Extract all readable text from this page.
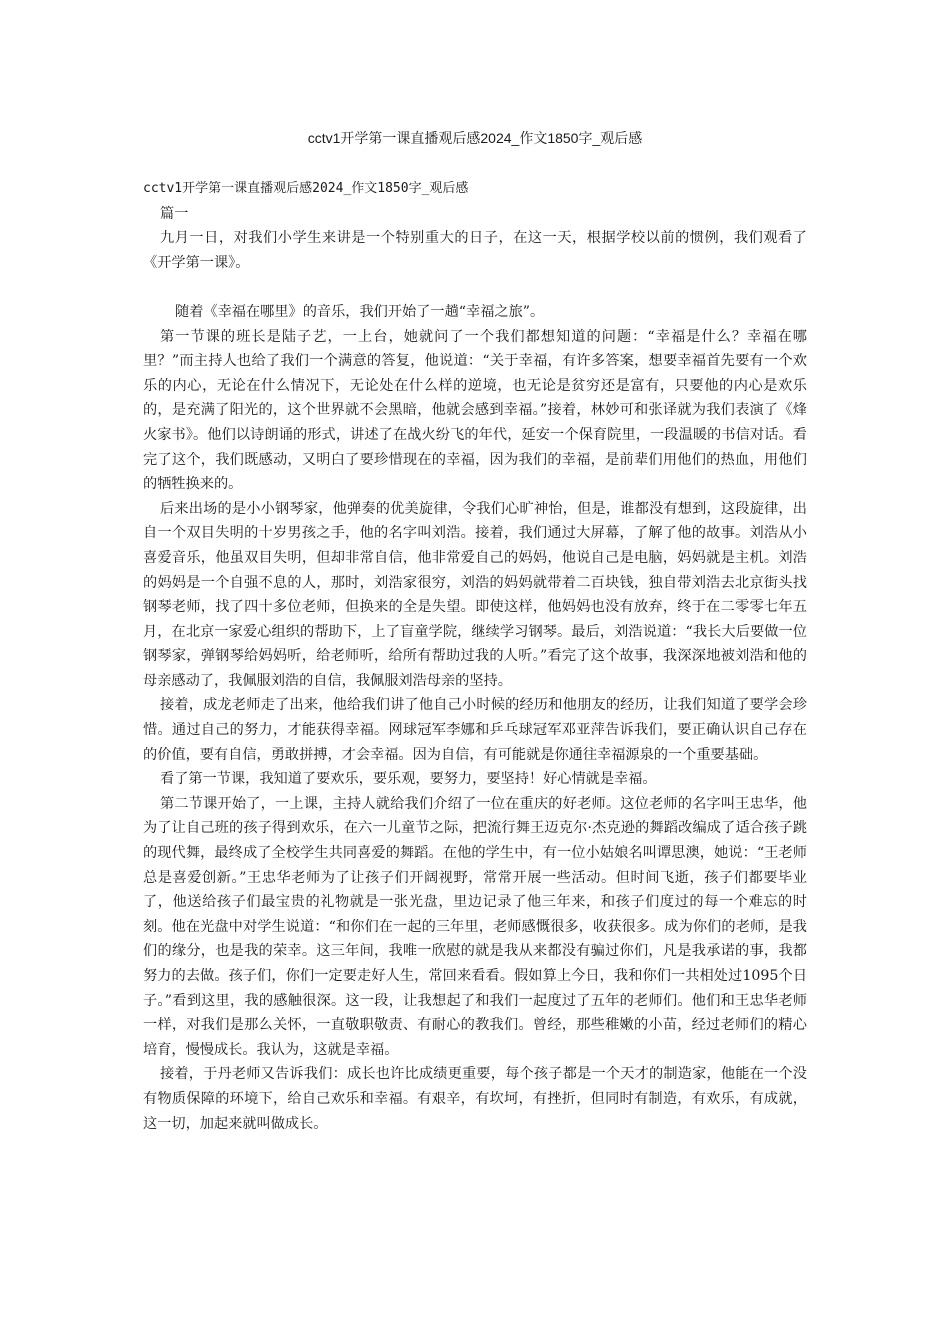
cctv1开学第一课直播观后感2024_作文1850字_观后感

cctv1开学第一课直播观后感2024_作文1850字_观后感

篇一

九月一日，对我们小学生来讲是一个特别重大的日子，在这一天，根据学校以前的惯例，我们观看了《开学第一课》。

随着《幸福在哪里》的音乐，我们开始了一趟“幸福之旅”。

第一节课的班长是陆子艺，一上台，她就问了一个我们都想知道的问题：“幸福是什么？幸福在哪里？”而主持人也给了我们一个满意的答复，他说道：“关于幸福，有许多答案，想要幸福首先要有一个欢乐的内心，无论在什么情况下，无论处在什么样的逆境，也无论是贫穷还是富有，只要他的内心是欢乐的，是充满了阳光的，这个世界就不会黑暗，他就会感到幸福。”接着，林妙可和张译就为我们表演了《烽火家书》。他们以诗朗诵的形式，讲述了在战火纷飞的年代，延安一个保育院里，一段温暖的书信对话。看完了这个，我们既感动，又明白了要珍惜现在的幸福，因为我们的幸福，是前辈们用他们的热血，用他们的牺牲换来的。

后来出场的是小小钢琴家，他弹奏的优美旋律，令我们心旷神怡，但是，谁都没有想到，这段旋律，出自一个双目失明的十岁男孩之手，他的名字叫刘浩。接着，我们通过大屏幕，了解了他的故事。刘浩从小喜爱音乐，他虽双目失明，但却非常自信，他非常爱自己的妈妈，他说自己是电脑，妈妈就是主机。刘浩的妈妈是一个自强不息的人，那时，刘浩家很穷，刘浩的妈妈就带着二百块钱，独自带刘浩去北京街头找钢琴老师，找了四十多位老师，但换来的全是失望。即使这样，他妈妈也没有放弃，终于在二零零七年五月，在北京一家爱心组织的帮助下，上了盲童学院，继续学习钢琴。最后，刘浩说道：“我长大后要做一位钢琴家，弹钢琴给妈妈听，给老师听，给所有帮助过我的人听。”看完了这个故事，我深深地被刘浩和他的母亲感动了，我佩服刘浩的自信，我佩服刘浩母亲的坚持。

接着，成龙老师走了出来，他给我们讲了他自己小时候的经历和他朋友的经历，让我们知道了要学会珍惜。通过自己的努力，才能获得幸福。网球冠军李娜和乒乓球冠军邓亚萍告诉我们，要正确认识自己存在的价值，要有自信，勇敢拼搏，才会幸福。因为自信，有可能就是你通往幸福源泉的一个重要基础。

看了第一节课，我知道了要欢乐，要乐观，要努力，要坚持！好心情就是幸福。

第二节课开始了，一上课，主持人就给我们介绍了一位在重庆的好老师。这位老师的名字叫王忠华，他为了让自己班的孩子得到欢乐，在六一儿童节之际，把流行舞王迈克尔·杰克逊的舞蹈改编成了适合孩子跳的现代舞，最终成了全校学生共同喜爱的舞蹈。在他的学生中，有一位小姑娘名叫谭思澳，她说：“王老师总是喜爱创新。”王忠华老师为了让孩子们开阔视野，常常开展一些活动。但时间飞逝，孩子们都要毕业了，他送给孩子们最宝贵的礼物就是一张光盘，里边记录了他三年来，和孩子们度过的每一个难忘的时刻。他在光盘中对学生说道：“和你们在一起的三年里，老师感慨很多，收获很多。成为你们的老师，是我们的缘分，也是我的荣幸。这三年间，我唯一欣慰的就是我从来都没有骗过你们，凡是我承诺的事，我都努力的去做。孩子们，你们一定要走好人生，常回来看看。假如算上今日，我和你们一共相处过1095个日子。”看到这里，我的感触很深。这一段，让我想起了和我们一起度过了五年的老师们。他们和王忠华老师一样，对我们是那么关怀，一直敬职敬责、有耐心的教我们。曾经，那些稚嫩的小苗，经过老师们的精心培育，慢慢成长。我认为，这就是幸福。

接着，于丹老师又告诉我们：成长也许比成绩更重要，每个孩子都是一个天才的制造家，他能在一个没有物质保障的环境下，给自己欢乐和幸福。有艰辛，有坎坷，有挫折，但同时有制造，有欢乐，有成就，这一切，加起来就叫做成长。
